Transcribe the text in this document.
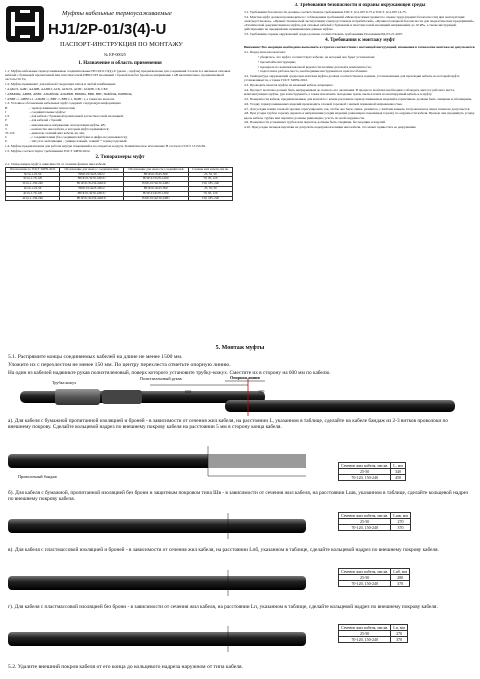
Муфты кабельные термоусаживаемые
HJ1/2P-01/3(4)-U
ПАСПОРТ-ИНСТРУКЦИЯ ПО МОНТАЖУ
№ ЕР-00025
1. Назначение и область применения

1.1. Муфты кабельные термоусаживаемые соединительные HJ1/2P-01/3(4)-U (далее – муфты) предназначены для соединения 3-х или 4-х жильных силовых кабелей с бумажной пропитанной или пластмассовой ПВХ/СПЭ изоляцией с броней или без брони на напряжение 1 кВ включительно, промышленной частоты 50 Гц.

1.2. Муфты применяют для кабелей следующих типов и любой комбинации:

• ААБ2Л, АаБГ, ААШВ, ААШП, АСБ, АСБ2Л, АСБГ, АСШВ, СБ, СБГ;

• АВББШв, АВВБ, АВВГ, АПвБбШв, АПвВБВ, ВББШв, ВВБ, ВВГ, ПвБбШв, ПвВБШв;

• АВВГ-1, АВВГз-1, АПвВГ-1, ВВГ-1, ВВГз-1, ПвВГ-1, а также их аналоги.

1.3. Условное обозначение кабельных муфт содержит следующую информацию:

H	– термоусаживаемая технология;
J	– соединительные муфты;
1/2	– для кабеля с бумажной пропитанной и пластмассовой изоляцией;
P	– для кабелей с бронёй;
01	– максимальное напряжение эксплуатации муфты, кВ;
3	– количество жил кабеля, к которым муфта применяется;
70-120	– диапазон сечений жил кабеля, кв. мм;
C	– с соединителями (без соединителей буква и цифра не указываются);
U	– тип узла экспликации – универсальный, тонкий "" термоусадочный.

1.4. Муфты предназначены для работы внутри помещений и на открытом воздухе. Климатическое исполнение Н согласно ГОСТ 15150-69.

1.5. Муфты соответствуют требованиям ГОСТ 34839-2022.

2. Типоразмеры муфт

2.1. Типоразмеры муфт в зависимости от сечения фазных жил кабеля:

Обозначение по ГОСТ 34839-2022	Обозначение для заказа с соединителями	Обозначение для заказа без соединителей	Сечение жил кабеля, мм кв.
3Стп-1-25-50	HJ1P-01/3x25-50CU	HJ1P-01/3x25-50U	25, 35, 50
3Стп-1-70-120	HJ1P-01/3x70-120CU	HJ1P-01/3x70-120U	70, 95, 120
3Стп-1-150-240	HJ1P-01/3x150-240CU	HJ1P-01/3x150-240U	150, 185, 240
4Стп-1-25-50	HJ1P-01/4x25-50CU	HJ1P-01/4x25-50U	25, 35, 50
4Стп-1-70-120	HJ1P-01/4x70-120CU	HJ1P-01/4x70-120U	70, 95, 120
4Стп-1-150-240	HJ1P-01/4x150-240CU	HJ1P-01/4x150-240U	150, 185, 240
3. Требования безопасности и охраны окружающей среды

3.1. Требования безопасности должны соответствовать требованиям ГОСТ 12.2.007.0-75 и ГОСТ 12.2.007.14-75.

3.2. Монтаж муфт должен производиться с соблюдением требований «Межотраслевых правил по охране труда (правил безопасности) при эксплуатации электроустановок», «Правил технической эксплуатации электроустановок потребителей», «Правил пожарной безопасности для энергетических предприятий», «Технической документации на муфты для силовых кабелей с бумажной и пластмассовой изоляцией напряжением до 10 кВ», а также инструкций, действующих на предприятии, применяющем данные муфты.

3.3. Требования охраны окружающей среды должны соответствовать требованиям Положения РД-03-21-2007.

4. Требования к монтажу муфт

Внимание! Все операции необходимо выполнять в строгом соответствии с настоящей инструкцией, изменения в технологии монтажа не допускаются.

4.1. Перед началом монтажа:

• убедитесь, что муфта соответствует кабелю, на который она будет установлена;

• прочитайте инструкцию;

• проверьте по комплектовочной ведомости наличие деталей и комплектность;

• подготовьте рабочее место, необходимые инструменты и приспособления.

4.2. Температура окружающей среды при монтаже муфты должна соответствовать нормам, установленным для прокладки кабеля, на который муфта устанавливается, а также ГОСТ 34839-2022.

4.3. Проводить монтаж муфты на влажный кабель запрещено.

4.4. Процесс монтажа должен быть непрерывным до полного его окончания. В процессе монтажа необходимо соблюдать чистоту рабочего места, комплектующих муфты, рук и инструмента, а также исключить попадание грязи, пыли и влаги на монтируемый кабель и в муфту.

4.5. Поверхности кабеля, предназначенные для контакта с клеем-расплавом термоусаживаемых изделий и герметиком, должны быть очищены и обезжирены.

4.6. Усадку термоусаживаемых изделий производить газовой горелкой с мягкой пламенной направленностью.

4.7. Для усадки пламя газовой горелки отрегулировать так, чтобы оно было синее, размытое, с жёлтым языком. Остроконечное синее пламя не допускается.

4.8. При усадке трубок горелку держать в направлении усадки изделий, равномерно перемещая горелку по окружности кабеля. Прежде чем продвинуть усадку вдоль кабеля, трубка или перчатка должны равномерно усесть по всей окружности.

4.9. Поверхности усаженных трубок или перчаток должны быть гладкими, без морщин и вздутий.

4.10. При усадке пальцев перчатки не допускать перегрева изоляции жил кабеля, что может привести к ее разрушению

5. Монтаж муфты
5.1. Распрямите концы соединяемых кабелей на длине не менее 1500 мм.
Уложите их с перехлестом не менее 150 мм. По центру перехлеста отметьте опорную линию.
На один из кабелей надвиньте рукав полиэтиленовый, поверх которого установите трубку-кожух. Сместите их в сторону на 600 мм по кабелю.
Трубка кожух
Полиэтиленовый рукав	Опорная линия
150
600
а). Для кабеля с бумажной пропитанной изоляцией и броней - в зависимости от сечения жил кабеля, на расстоянии L, указанном в таблице, сделайте на кабеле бандаж из 2-3 витков проволоки по внешнему покрову. Сделайте кольцевой надрез по внешнему покрову кабеля на расстоянии 5 мм в сторону конца кабеля.
Проволочный бандаж
Сечение жил кабеля, мм кв.	L, мм
25-50	340
70-120, 150-240	450
б). Для кабеля с бумажной, пропитанной изоляцией без брони и защитным покровом типа Шв - в зависимости от сечения жил кабеля, на расстоянии Lшв, указанном в таблице, сделайте кольцевой надрез по внешнему покрову кабеля.
Сечение жил кабеля, мм кв.	Lшв, мм
25-50	270
70-120, 150-240	370
в). Для кабеля с пластмассовой изоляцией и броней - в зависимости от сечения жил кабеля, на расстоянии Lпб, указанном в таблице, сделайте кольцевой надрез по внешнему покрову кабеля.
Сечение жил кабеля, мм кв.	Lпб, мм
25-50	280
70-120, 150-240	370
г). Для кабеля с пластмассовой изоляцией без брони - в зависимости от сечения жил кабеля, на расстоянии Lп, указанном в таблице, сделайте кольцевой надрез по внешнему покрову кабеля.
Сечение жил кабеля, мм кв.	Lп, мм
25-50	270
70-120, 150-240	370
5.2. Удалите внешний покров кабеля от его конца до кольцевого надреза наружном от типа кабеля.
